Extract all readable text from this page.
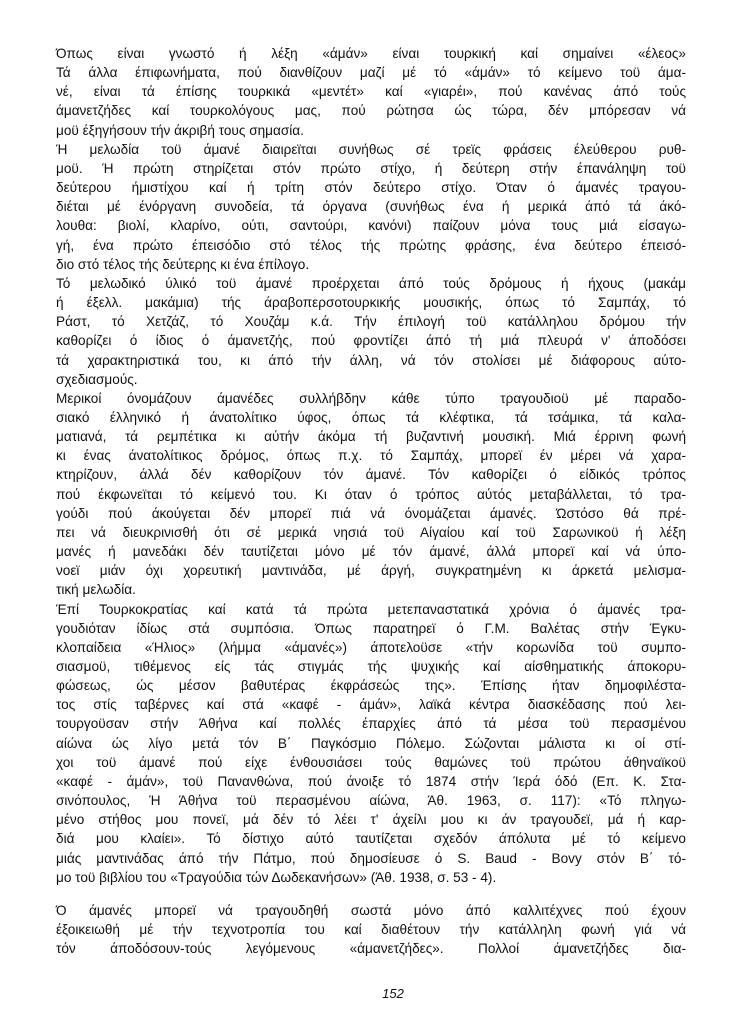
Όπως είναι γνωστό ή λέξη «άμάν» είναι τουρκική καί σημαίνει «έλεος»
Τά άλλα έπιφωνήματα, πού διανθίζουν μαζί μέ τό «άμάν» τό κείμενο τοϋ άμα-
νέ, είναι τά έπίσης τουρκικά «μεντέτ» καί «γιαρέι», πού κανένας άπό τούς
άμανετζήδες καί τουρκολόγους μας, πού ρώτησα ώς τώρα, δέν μπόρεσαν νά
μοϋ έξηγήσουν τήν άκριβή τους σημασία.

Ή μελωδία τοϋ άμανέ διαιρεϊται συνήθως σέ τρεϊς φράσεις έλεύθερου ρυθ-
μοϋ. Ή πρώτη στηρίζεται στόν πρώτο στίχο, ή δεύτερη στήν έπανάληψη τοϋ
δεύτερου ήμιστίχου καί ή τρίτη στόν δεύτερο στίχο. Όταν ό άμανές τραγου-
διέται μέ ένόργανη συνοδεία, τά όργανα (συνήθως ένα ή μερικά άπό τά άκό-
λουθα: βιολί, κλαρίνο, ούτι, σαντούρι, κανόνι) παίζουν μόνα τους μιά είσαγω-
γή, ένα πρώτο έπεισόδιο στό τέλος τής πρώτης φράσης, ένα δεύτερο έπεισό-
διο στό τέλος τής δεύτερης κι ένα έπίλογο.

Τό μελωδικό ύλικό τοϋ άμανέ προέρχεται άπό τούς δρόμους ή ήχους (μακάμ
ή έξελλ. μακάμια) τής άραβοπερσοτουρκικής μουσικής, όπως τό Σαμπάχ, τό
Ράστ, τό Χετζάζ, τό Χουζάμ κ.ά. Τήν έπιλογή τοϋ κατάλληλου δρόμου τήν
καθορίζει ό ίδιος ό άμανετζής, πού φροντίζει άπό τή μιά πλευρά ν' άποδόσει
τά χαρακτηριστικά του, κι άπό τήν άλλη, νά τόν στολίσει μέ διάφορους αύτο-
σχεδιασμούς.

Μερικοί όνομάζουν άμανέδες συλλήβδην κάθε τύπο τραγουδιοϋ μέ παραδο-
σιακό έλληνικό ή άνατολίτικο ύφος, όπως τά κλέφτικα, τά τσάμικα, τά καλα-
ματιανά, τά ρεμπέτικα κι αύτήν άκόμα τή βυζαντινή μουσική. Μιά έρρινη φωνή
κι ένας άνατολίτικος δρόμος, όπως π.χ. τό Σαμπάχ, μπορεϊ έν μέρει νά χαρα-
κτηρίζουν, άλλά δέν καθορίζουν τόν άμανέ. Τόν καθορίζει ό είδικός τρόπος
πού έκφωνεϊται τό κείμενό του. Κι όταν ό τρόπος αύτός μεταβάλλεται, τό τρα-
γούδι πού άκούγεται δέν μπορεϊ πιά νά όνομάζεται άμανές. Ώστόσο θά πρέ-
πει νά διευκρινισθή ότι σέ μερικά νησιά τοϋ Αίγαίου καί τοϋ Σαρωνικοϋ ή λέξη
μανές ή μανεδάκι δέν ταυτίζεται μόνο μέ τόν άμανέ, άλλά μπορεϊ καί νά ύπο-
νοεϊ μιάν όχι χορευτική μαντινάδα, μέ άργή, συγκρατημένη κι άρκετά μελισμα-
τική μελωδία.

Έπί Τουρκοκρατίας καί κατά τά πρώτα μετεπαναστατικά χρόνια ό άμανές τρα-
γουδιόταν ίδίως στά συμπόσια. Όπως παρατηρεϊ ό Γ.Μ. Βαλέτας στήν Έγκυ-
κλοπαίδεια «Ήλιος» (λήμμα «άμανές») άποτελοϋσε «τήν κορωνίδα τοϋ συμπο-
σιασμοϋ, τιθέμενος είς τάς στιγμάς τής ψυχικής καί αίσθηματικής άποκορυ-
φώσεως, ώς μέσον βαθυτέρας έκφράσεώς της». Έπίσης ήταν δημοφιλέστα-
τος στίς ταβέρνες καί στά «καφέ - άμάν», λαϊκά κέντρα διασκέδασης πού λει-
τουργοϋσαν στήν Άθήνα καί πολλές έπαρχίες άπό τά μέσα τοϋ περασμένου
αίώνα ώς λίγο μετά τόν Β΄ Παγκόσμιο Πόλεμο. Σώζονται μάλιστα κι οί στί-
χοι τοϋ άμανέ πού είχε ένθουσιάσει τούς θαμώνες τοϋ πρώτου άθηναϊκοϋ
«καφέ - άμάν», τοϋ Πανανθώνα, πού άνοιξε τό 1874 στήν Ίερά όδό (Επ. Κ. Στα-
σινόπουλος, Ή Άθήνα τοϋ περασμένου αίώνα, Άθ. 1963, σ. 117): «Τό πληγω-
μένο στήθος μου πονεϊ, μά δέν τό λέει τ' άχείλι μου κι άν τραγουδεϊ, μά ή καρ-
διά μου κλαίει». Τό δίστιχο αύτό ταυτίζεται σχεδόν άπόλυτα μέ τό κείμενο
μιάς μαντινάδας άπό τήν Πάτμο, πού δημοσίευσε ό S. Baud - Bovy στόν Β΄ τό-
μο τοϋ βιβλίου του «Τραγούδια τών Δωδεκανήσων» (Άθ. 1938, σ. 53 - 4).

Ό άμανές μπορεϊ νά τραγουδηθή σωστά μόνο άπό καλλιτέχνες πού έχουν
έξοικειωθή μέ τήν τεχνοτροπία του καί διαθέτουν τήν κατάλληλη φωνή γιά νά
τόν άποδόσουν-τούς λεγόμενους «άμανετζήδες». Πολλοί άμανετζήδες δια-

152
